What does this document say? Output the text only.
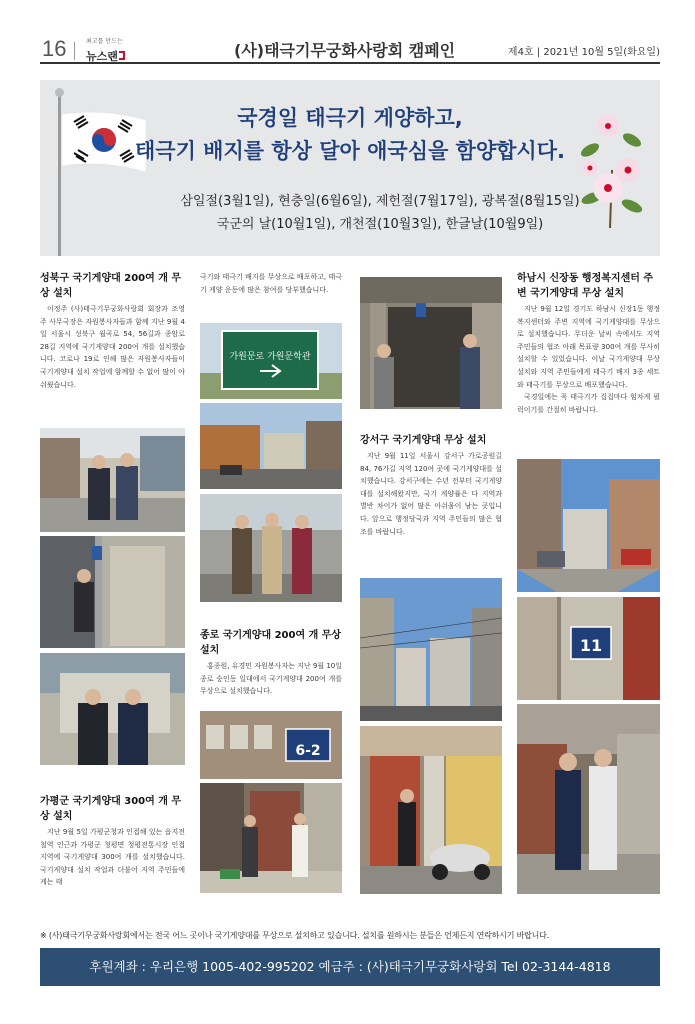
16	최고를 만드는
뉴스랜	(사)태극기무궁화사랑회 캠페인	제4호 | 2021년 10월 5일(화요일)
국경일 태극기 게양하고,
태극기 배지를 항상 달아 애국심을 함양합시다.
삼일절(3월1일), 현충일(6월6일), 제헌절(7월17일), 광복절(8월15일)
국군의 날(10월1일), 개천절(10월3일), 한글날(10월9일)
성북구 국기게양대 200여 개 무상 설치
이정주 (사)태극기무궁화사랑회 회장과 조영주 사무국장은 자원봉사자들과 함께 지난 9월 4일 서울시 성북구 월곡로 54, 56길과 종암로 28길 지역에 국기게양대 200여 개를 설치했습니다. 코로나 19로 인해 많은 자원봉사자들이 국기게양대 설치 작업에 함께할 수 없어 많이 아쉬웠습니다.
가평군 국기게양대 300여 개 무상 설치
지난 9월 5일 가평군청과 인접해 있는 읍지전철역 인근과 가평군 청평면 청평전통시장 인접 지역에 국기게양대 300여 개를 설치했습니다. 국기게양대 설치 작업과 더불어 지역 주민들에게는 태
극기와 태극기 배지를 무상으로 배포하고, 태극기 게양 운동에 많은 참여를 당부했습니다.
가원문로 가원문학관
종로 국기게양대 200여 개 무상 설치
홍종원, 유경민 자원봉사자는 지난 9월 10일 종로 숭인동 일대에서 국기게양대 200여 개를 무상으로 설치했습니다.
6-2
강서구 국기게양대 무상 설치
지난 9월 11일 서울시 강서구 가로공원길 84, 76가길 지역 120여 곳에 국기게양대를 설치했습니다. 강서구에는 수년 전부터 국기게양대를 설치해왔지만, 국기 게양률은 다 지역과 별반 차이가 없어 많은 아쉬움이 남는 곳입니다. 앞으로 행정당국과 지역 주민들의 많은 협조를 바랍니다.
하남시 신장동 행정복지센터 주변 국기게양대 무상 설치
지난 9월 12일 경기도 하남시 신장1동 행정복지센터와 주변 지역에 국기게양대를 무상으로 설치했습니다. 무더운 날씨 속에서도 지역 주민들의 협조 아래 목표량 300여 개를 무사히 설치할 수 있었습니다. 이날 국기게양대 무상 설치와 지역 주민들에게 태극기 배지 3종 세트와 태극기를 무상으로 배포했습니다.
국경일에는 꼭 태극기가 집집마다 힘차게 펄럭이기를 간절히 바랍니다.
11
※ (사)태극기무궁화사랑회에서는 전국 어느 곳이나 국기게양대를 무상으로 설치하고 있습니다. 설치를 원하시는 분들은 언제든지 연락하시기 바랍니다.
후원계좌 : 우리은행 1005-402-995202 예금주 : (사)태극기무궁화사랑회 Tel 02-3144-4818
